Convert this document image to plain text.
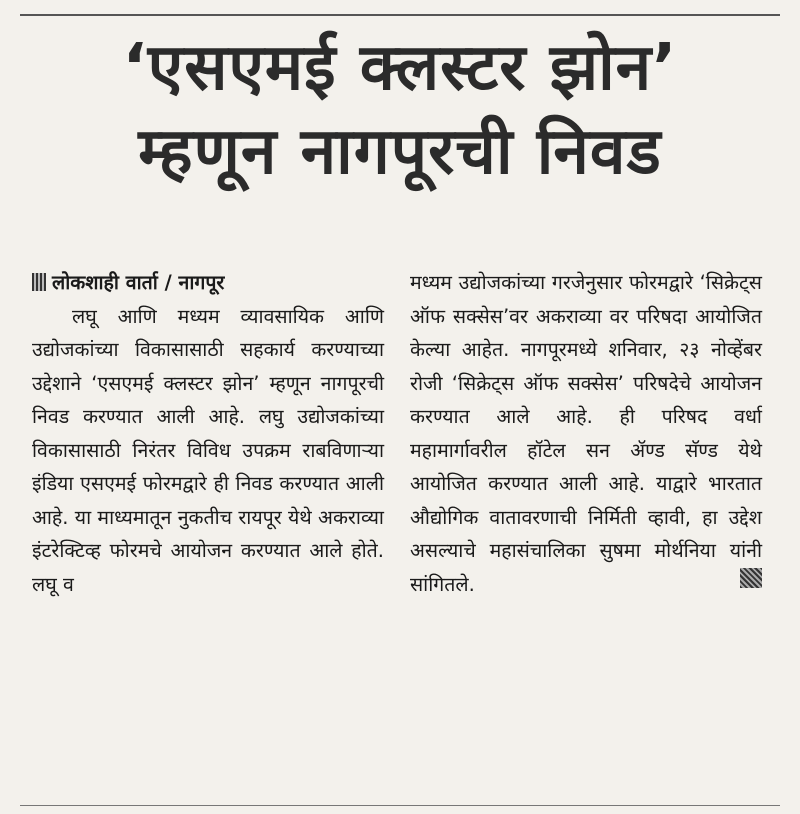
‘एसएमई क्लस्टर झोन’
म्हणून नागपूरची निवड
लोकशाही वार्ता / नागपूर
लघू आणि मध्यम व्यावसायिक आणि उद्योजकांच्या विकासासाठी सहकार्य करण्याच्या उद्देशाने ‘एसएमई क्लस्टर झोन’ म्हणून नागपूरची निवड करण्यात आली आहे. लघु उद्योजकांच्या विकासासाठी निरंतर विविध उपक्रम राबविणाऱ्या इंडिया एसएमई फोरमद्वारे ही निवड करण्यात आली आहे. या माध्यमातून नुकतीच रायपूर येथे अकराव्या इंटरेक्टिव्ह फोरमचे आयोजन करण्यात आले होते. लघू व
मध्यम उद्योजकांच्या गरजेनुसार फोरमद्वारे ‘सिक्रेट्स ऑफ सक्सेस’वर अकराव्या वर परिषदा आयोजित केल्या आहेत. नागपूरमध्ये शनिवार, २३ नोव्हेंबर रोजी ‘सिक्रेट्स ऑफ सक्सेस’ परिषदेचे आयोजन करण्यात आले आहे. ही परिषद वर्धा महामार्गावरील हॉटेल सन ॲण्ड सॅण्ड येथे आयोजित करण्यात आली आहे. याद्वारे भारतात औद्योगिक वातावरणाची निर्मिती व्हावी, हा उद्देश असल्याचे महासंचालिका सुषमा मोर्थनिया यांनी सांगितले.
